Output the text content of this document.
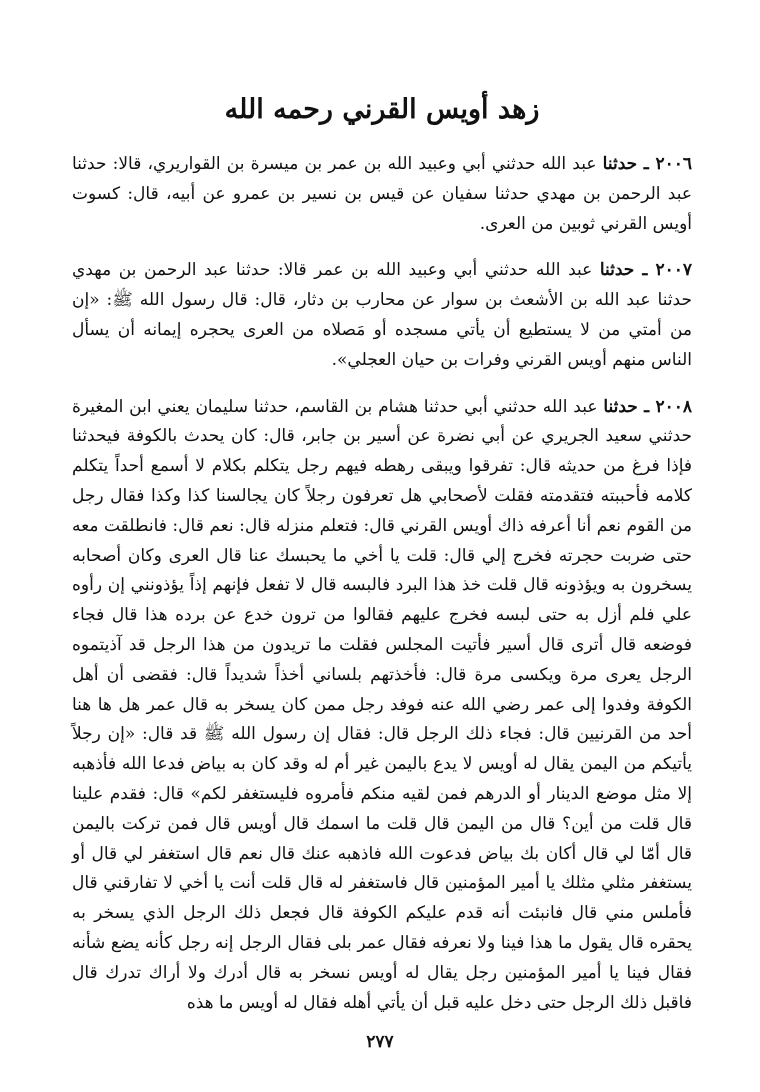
زهد أويس القرني رحمه الله

٢٠٠٦ ـ حدثنا عبد الله حدثني أبي وعبيد الله بن عمر بن ميسرة بن القواريري، قالا: حدثنا عبد الرحمن بن مهدي حدثنا سفيان عن قيس بن نسير بن عمرو عن أبيه، قال: كسوت أويس القرني ثوبين من العرى.

٢٠٠٧ ـ حدثنا عبد الله حدثني أبي وعبيد الله بن عمر قالا: حدثنا عبد الرحمن بن مهدي حدثنا عبد الله بن الأشعث بن سوار عن محارب بن دثار، قال: قال رسول الله ﷺ: «إن من أمتي من لا يستطيع أن يأتي مسجده أو مَصلاه من العرى يحجره إيمانه أن يسأل الناس منهم أويس القرني وفرات بن حيان العجلي».

٢٠٠٨ ـ حدثنا عبد الله حدثني أبي حدثنا هشام بن القاسم، حدثنا سليمان يعني ابن المغيرة حدثني سعيد الجريري عن أبي نضرة عن أسير بن جابر، قال: كان يحدث بالكوفة فيحدثنا فإذا فرغ من حديثه قال: تفرقوا ويبقى رهطه فيهم رجل يتكلم بكلام لا أسمع أحداً يتكلم كلامه فأحببته فتقدمته فقلت لأصحابي هل تعرفون رجلاً كان يجالسنا كذا وكذا فقال رجل من القوم نعم أنا أعرفه ذاك أويس القرني قال: فتعلم منزله قال: نعم قال: فانطلقت معه حتى ضربت حجرته فخرج إلي قال: قلت يا أخي ما يحبسك عنا قال العرى وكان أصحابه يسخرون به ويؤذونه قال قلت خذ هذا البرد فالبسه قال لا تفعل فإنهم إذاً يؤذونني إن رأوه علي فلم أزل به حتى لبسه فخرج عليهم فقالوا من ترون خدع عن برده هذا قال فجاء فوضعه قال أترى قال أسير فأتيت المجلس فقلت ما تريدون من هذا الرجل قد آذيتموه الرجل يعرى مرة ويكسى مرة قال: فأخذتهم بلساني أخذاً شديداً قال: فقضى أن أهل الكوفة وفدوا إلى عمر رضي الله عنه فوفد رجل ممن كان يسخر به قال عمر هل ها هنا أحد من القرنيين قال: فجاء ذلك الرجل قال: فقال إن رسول الله ﷺ قد قال: «إن رجلاً يأتيكم من اليمن يقال له أويس لا يدع باليمن غير أم له وقد كان به بياض فدعا الله فأذهبه إلا مثل موضع الدينار أو الدرهم فمن لقيه منكم فأمروه فليستغفر لكم» قال: فقدم علينا قال قلت من أين؟ قال من اليمن قال قلت ما اسمك قال أويس قال فمن تركت باليمن قال أمّا لي قال أكان بك بياض فدعوت الله فاذهبه عنك قال نعم قال استغفر لي قال أو يستغفر مثلي مثلك يا أمير المؤمنين قال فاستغفر له قال قلت أنت يا أخي لا تفارقني قال فأملس مني قال فانبئت أنه قدم عليكم الكوفة قال فجعل ذلك الرجل الذي يسخر به يحقره قال يقول ما هذا فينا ولا نعرفه فقال عمر بلى فقال الرجل إنه رجل كأنه يضع شأنه فقال فينا يا أمير المؤمنين رجل يقال له أويس نسخر به قال أدرك ولا أراك تدرك قال فاقبل ذلك الرجل حتى دخل عليه قبل أن يأتي أهله فقال له أويس ما هذه

٢٧٧
